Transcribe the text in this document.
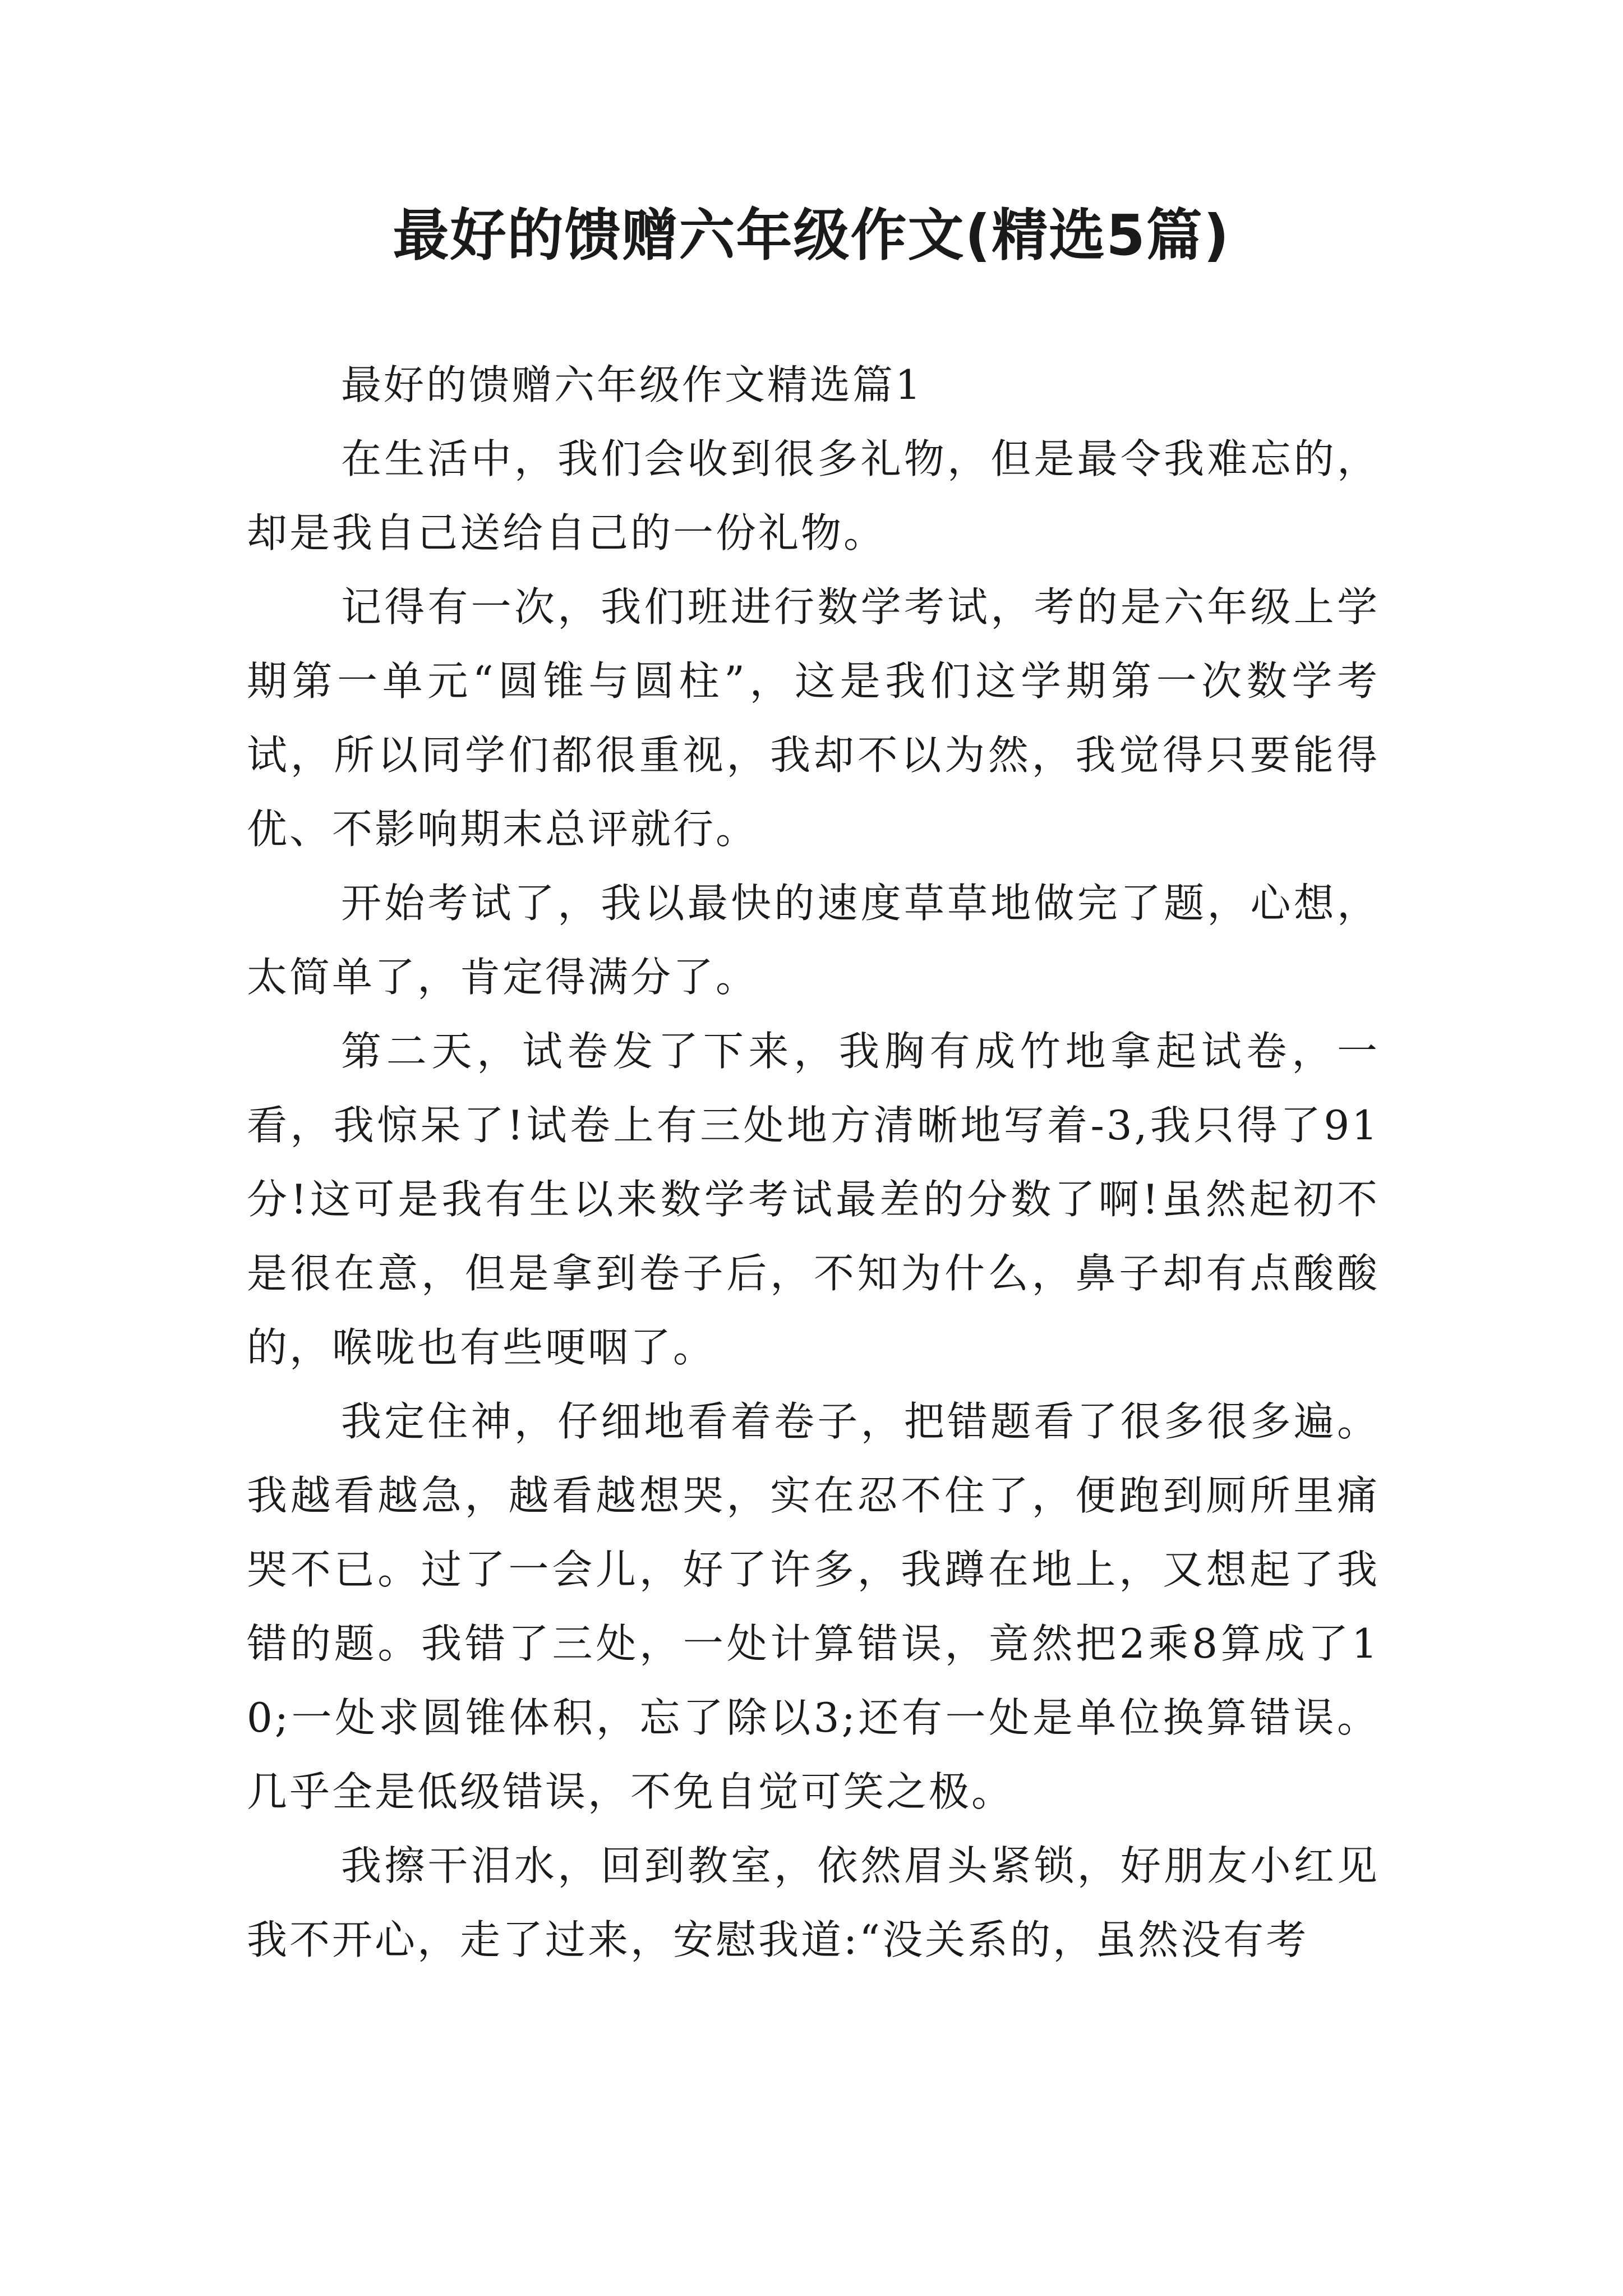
最好的馈赠六年级作文(精选5篇)

最好的馈赠六年级作文精选篇1

在生活中，我们会收到很多礼物，但是最令我难忘的，却是我自己送给自己的一份礼物。

记得有一次，我们班进行数学考试，考的是六年级上学期第一单元“圆锥与圆柱”，这是我们这学期第一次数学考试，所以同学们都很重视，我却不以为然，我觉得只要能得优、不影响期末总评就行。

开始考试了，我以最快的速度草草地做完了题，心想，太简单了，肯定得满分了。

第二天，试卷发了下来，我胸有成竹地拿起试卷，一看，我惊呆了!试卷上有三处地方清晰地写着-3,我只得了91分!这可是我有生以来数学考试最差的分数了啊!虽然起初不是很在意，但是拿到卷子后，不知为什么，鼻子却有点酸酸的，喉咙也有些哽咽了。

我定住神，仔细地看着卷子，把错题看了很多很多遍。我越看越急，越看越想哭，实在忍不住了，便跑到厕所里痛哭不已。过了一会儿，好了许多，我蹲在地上，又想起了我错的题。我错了三处，一处计算错误，竟然把2乘8算成了10;一处求圆锥体积，忘了除以3;还有一处是单位换算错误。几乎全是低级错误，不免自觉可笑之极。

我擦干泪水，回到教室，依然眉头紧锁，好朋友小红见我不开心，走了过来，安慰我道:“没关系的，虽然没有考
